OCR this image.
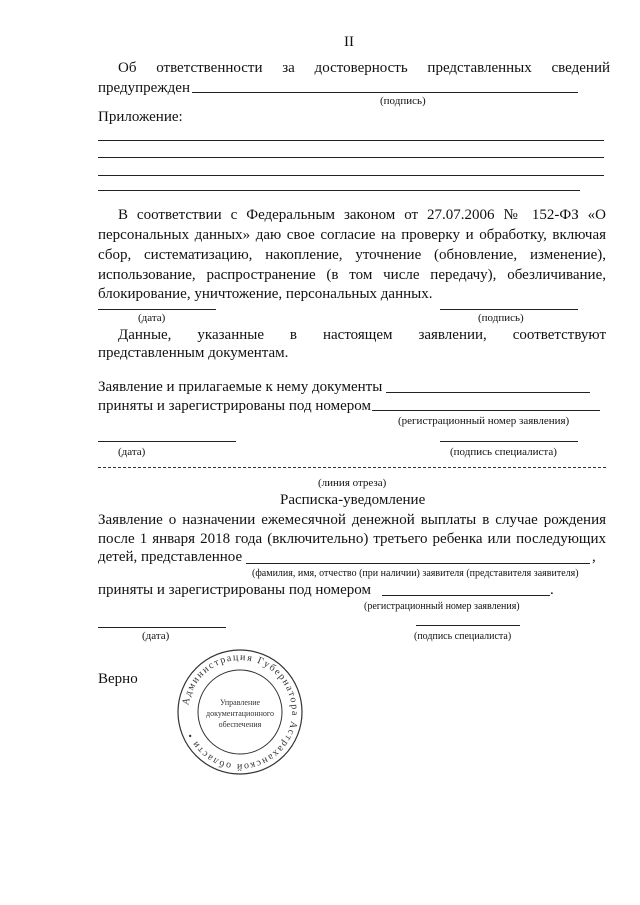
II
Об ответственности за достоверность представленных сведений
предупрежден
(подпись)
Приложение:
В соответствии с Федеральным законом от 27.07.2006 № 152-ФЗ «О
персональных данных» даю свое согласие на проверку и обработку, включая
сбор, систематизацию, накопление, уточнение (обновление, изменение),
использование, распространение (в том числе передачу), обезличивание,
блокирование, уничтожение, персональных данных.
(дата)	(подпись)
Данные, указанные в настоящем заявлении, соответствуют
представленным документам.
Заявление и прилагаемые к нему документы
приняты и зарегистрированы под номером
(регистрационный номер заявления)
(дата)	(подпись специалиста)
(линия отреза)
Расписка-уведомление
Заявление о назначении ежемесячной денежной выплаты в случае рождения
после 1 января 2018 года (включительно) третьего ребенка или последующих
детей, представленное	,
(фамилия, имя, отчество (при наличии) заявителя (представителя заявителя)
приняты и зарегистрированы под номером	.
(регистрационный номер заявления)
(дата)	(подпись специалиста)
Верно
Администрация Губернатора Астраханской области •
Управление
документационного
обеспечения
